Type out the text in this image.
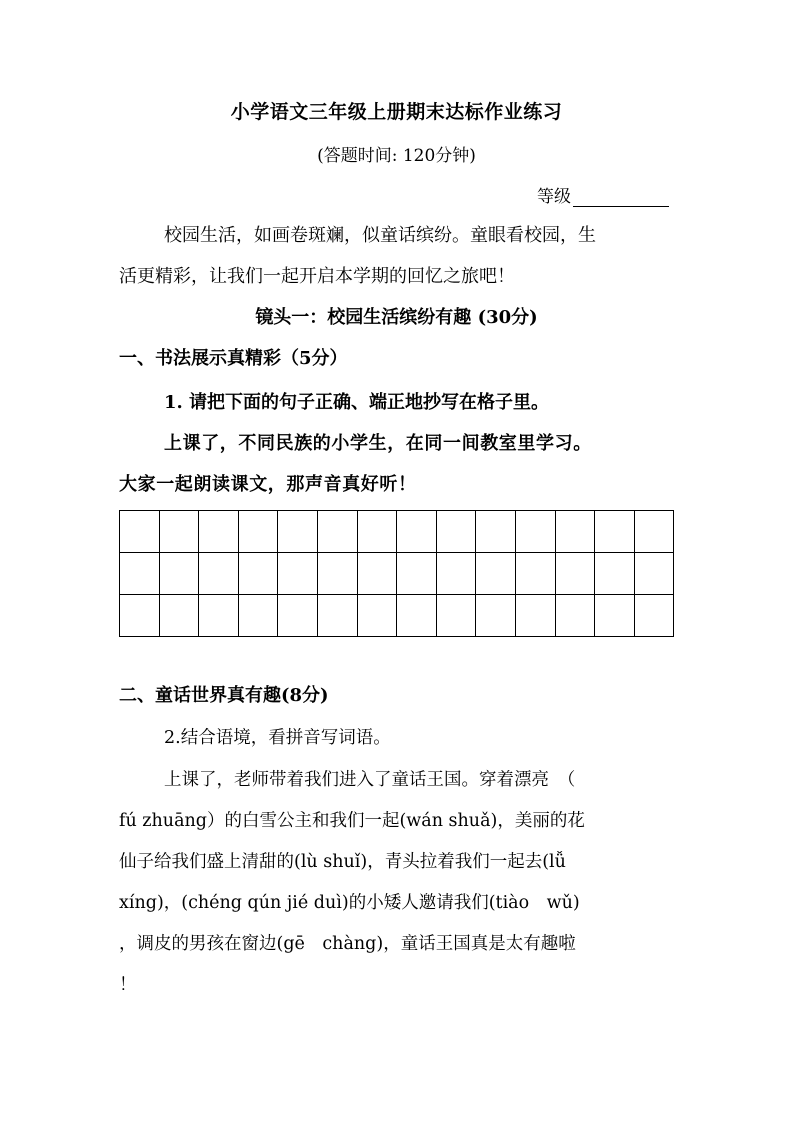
小学语文三年级上册期末达标作业练习
(答题时间: 120分钟)
等级
校园生活，如画卷斑斓，似童话缤纷。童眼看校园，生
活更精彩，让我们一起开启本学期的回忆之旅吧！
镜头一：校园生活缤纷有趣 (30分)
一、书法展示真精彩（5分）
1. 请把下面的句子正确、端正地抄写在格子里。
上课了，不同民族的小学生，在同一间教室里学习。
大家一起朗读课文，那声音真好听！

二、童话世界真有趣(8分)
2.结合语境，看拼音写词语。
上课了，老师带着我们进入了童话王国。穿着漂亮　（
fú zhuāng）的白雪公主和我们一起(wán shuǎ)，美丽的花
仙子给我们盛上清甜的(lù shuǐ)，青头拉着我们一起去(lǚ
xíng)，(chéng qún jié duì)的小矮人邀请我们(tiào　wǔ)
，调皮的男孩在窗边(gē　chàng)，童话王国真是太有趣啦
！
